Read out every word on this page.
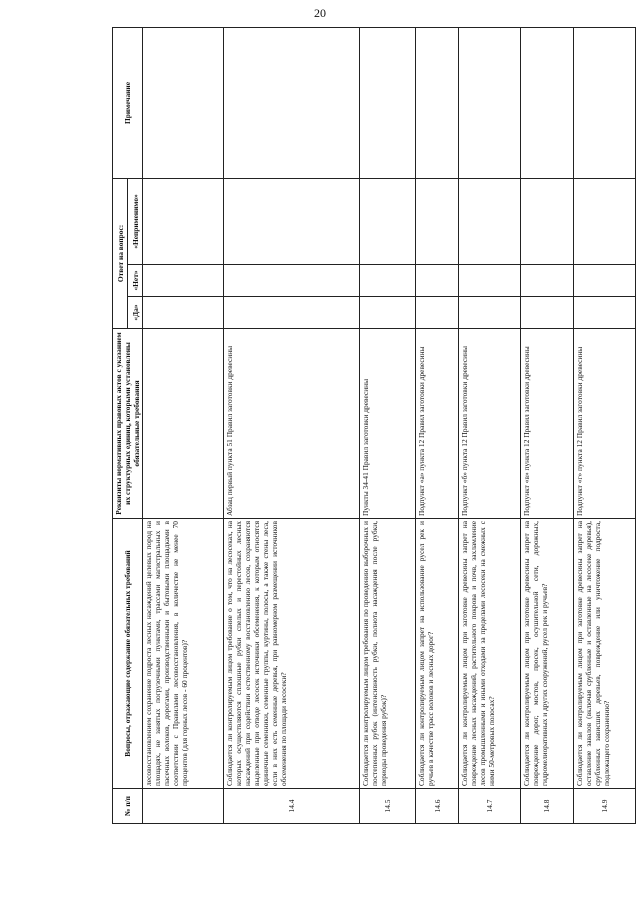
20
№ п/п	Вопросы, отражающие содержание обязательных требований	Реквизиты нормативных правовых актов с указанием их структурных единиц, которыми установлены обязательные требования	Ответ на вопрос:			Примечание
			«Да»	«Нет»	«Неприменимо»	
	лесовосстановлением сохранение подроста лесных насаждений целевых пород на площадях, не занятых погрузочными пунктами, трассами магистральных и пасечных волоков, дорогами, производственными и бытовыми площадками в соответствии с Правилами лесовосстановления, в количестве не менее 70 процентов (для горных лесов - 60 процентов)?					
14.4	Соблюдается ли контролируемым лицом требование о том, что на лесосеках, на которых осуществляются сплошные рубки спелых и перестойных лесных насаждений при содействии естественному восстановлению лесов, сохраняются выделенные при отводе лесосек источники обсеменения, к которым относятся единичные семенники, семенные группы, куртины, полосы, а также стены леса, если в них есть семенные деревья, при равномерном размещении источников обсеменения по площади лесосеки?	Абзац первый пункта 51 Правил заготовки древесины				
14.5	Соблюдается ли контролируемым лицом требования по проведению выборочных и постепенных рубок (интенсивность рубки, полнота насаждения после рубки, периоды проведения рубок)?	Пункты 34-41 Правил заготовки древесины				
14.6	Соблюдается ли контролируемым лицом запрет на использование русел рек и ручьев в качестве трасс волоков и лесных дорог?	Подпункт «а» пункта 12 Правил заготовки древесины				
14.7	Соблюдается ли контролируемым лицом при заготовке древесины запрет на повреждение лесных насаждений, растительного покрова и почв, захламление лесов промышленными и иными отходами за пределами лесосеки на смежных с ними 50-метровых полосах?	Подпункт «б» пункта 12 Правил заготовки древесины				
14.8	Соблюдается ли контролируемым лицом при заготовке древесины запрет на повреждение дорог, мостов, просек, осушительной сети, дорожных, гидромелиоративных и других сооружений, русел рек и ручьев?	Подпункт «в» пункта 12 Правил заготовки древесины				
14.9	Соблюдается ли контролируемым лицом при заготовке древесины запрет на оставление завалов (включая срубленные и оставленные на лесосеке деревья), срубленных зависших деревьев, повреждение или уничтожение подроста, подлежащего сохранению?	Подпункт «г» пункта 12 Правил заготовки древесины				
